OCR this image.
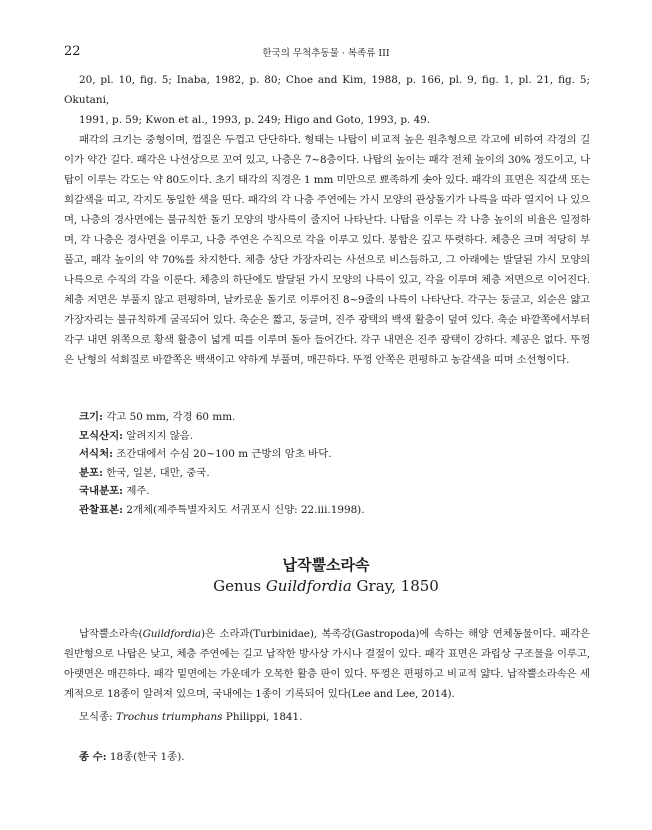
22	한국의 무척추동물 · 복족류 III
20, pl. 10, fig. 5; Inaba, 1982, p. 80; Choe and Kim, 1988, p. 166, pl. 9, fig. 1, pl. 21, fig. 5; Okutani,
1991, p. 59; Kwon et al., 1993, p. 249; Higo and Goto, 1993, p. 49.
패각의 크기는 중형이며, 껍질은 두껍고 단단하다. 형태는 나탑이 비교적 높은 원추형으로 각고에 비하여 각경의 길이가 약간 길다. 패각은 나선상으로 꼬여 있고, 나층은 7~8층이다. 나탑의 높이는 패각 전체 높이의 30% 정도이고, 나탑이 이루는 각도는 약 80도이다. 초기 태각의 직경은 1 mm 미만으로 뾰족하게 솟아 있다. 패각의 표면은 직갈색 또는 회갈색을 띠고, 각지도 동일한 색을 띤다. 패각의 각 나층 주연에는 가시 모양의 관상돌기가 나륵을 따라 열지어 나 있으며, 나층의 경사면에는 불규칙한 돌기 모양의 방사륵이 줄지어 나타난다. 나탑을 이루는 각 나층 높이의 비율은 일정하며, 각 나층은 경사면을 이루고, 나층 주연은 수직으로 각을 이루고 있다. 봉합은 깊고 뚜렷하다. 체층은 크며 적당히 부풀고, 패각 높이의 약 70%를 차지한다. 체층 상단 가장자리는 사선으로 비스듬하고, 그 아래에는 발달된 가시 모양의 나륵으로 수직의 각을 이룬다. 체층의 하단에도 발달된 가시 모양의 나륵이 있고, 각을 이루며 체층 저면으로 이어진다. 체층 저면은 부풀지 않고 편평하며, 날카로운 돌기로 이루어진 8~9줄의 나륵이 나타난다. 각구는 둥글고, 외순은 얇고 가장자리는 불규칙하게 굴곡되어 있다. 축순은 짧고, 둥글며, 진주 광택의 백색 활층이 덮여 있다. 축순 바깥쪽에서부터 각구 내면 위쪽으로 황색 활층이 넓게 띠를 이루며 돌아 들어간다. 각구 내면은 진주 광택이 강하다. 제공은 없다. 뚜껑은 난형의 석회질로 바깥쪽은 백색이고 약하게 부풀며, 매끈하다. 뚜껑 안쪽은 편평하고 농갈색을 띠며 소선형이다.
크기: 각고 50 mm, 각경 60 mm.
모식산지: 알려지지 않음.
서식처: 조간대에서 수심 20~100 m 근방의 암초 바닥.
분포: 한국, 일본, 대만, 중국.
국내분포: 제주.
관찰표본: 2개체(제주특별자치도 서귀포시 신양: 22.iii.1998).
납작뿔소라속
Genus Guildfordia Gray, 1850
납작뿔소라속(Guildfordia)은 소라과(Turbinidae), 복족강(Gastropoda)에 속하는 해양 연체동물이다. 패각은 원반형으로 나탑은 낮고, 체층 주연에는 길고 납작한 방사상 가시나 결절이 있다. 패각 표면은 과립상 구조물을 이루고, 아랫면은 매끈하다. 패각 밑면에는 가운데가 오목한 활층 판이 있다. 뚜껑은 편평하고 비교적 얇다. 납작뿔소라속은 세계적으로 18종이 알려져 있으며, 국내에는 1종이 기록되어 있다(Lee and Lee, 2014).
모식종: Trochus triumphans Philippi, 1841.
종 수: 18종(한국 1종).
